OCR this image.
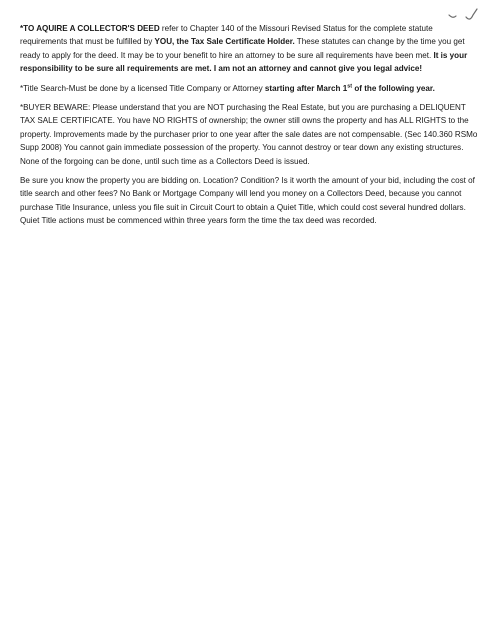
*TO AQUIRE A COLLECTOR'S DEED refer to Chapter 140 of the Missouri Revised Status for the complete statute requirements that must be fulfilled by YOU, the Tax Sale Certificate Holder. These statutes can change by the time you get ready to apply for the deed. It may be to your benefit to hire an attorney to be sure all requirements have been met. It is your responsibility to be sure all requirements are met. I am not an attorney and cannot give you legal advice!

*Title Search-Must be done by a licensed Title Company or Attorney starting after March 1st of the following year.

*BUYER BEWARE: Please understand that you are NOT purchasing the Real Estate, but you are purchasing a DELIQUENT TAX SALE CERTIFICATE. You have NO RIGHTS of ownership; the owner still owns the property and has ALL RIGHTS to the property. Improvements made by the purchaser prior to one year after the sale dates are not compensable. (Sec 140.360 RSMo Supp 2008) You cannot gain immediate possession of the property. You cannot destroy or tear down any existing structures. None of the forgoing can be done, until such time as a Collectors Deed is issued.

Be sure you know the property you are bidding on. Location? Condition? Is it worth the amount of your bid, including the cost of title search and other fees? No Bank or Mortgage Company will lend you money on a Collectors Deed, because you cannot purchase Title Insurance, unless you file suit in Circuit Court to obtain a Quiet Title, which could cost several hundred dollars. Quiet Title actions must be commenced within three years form the time the tax deed was recorded.
